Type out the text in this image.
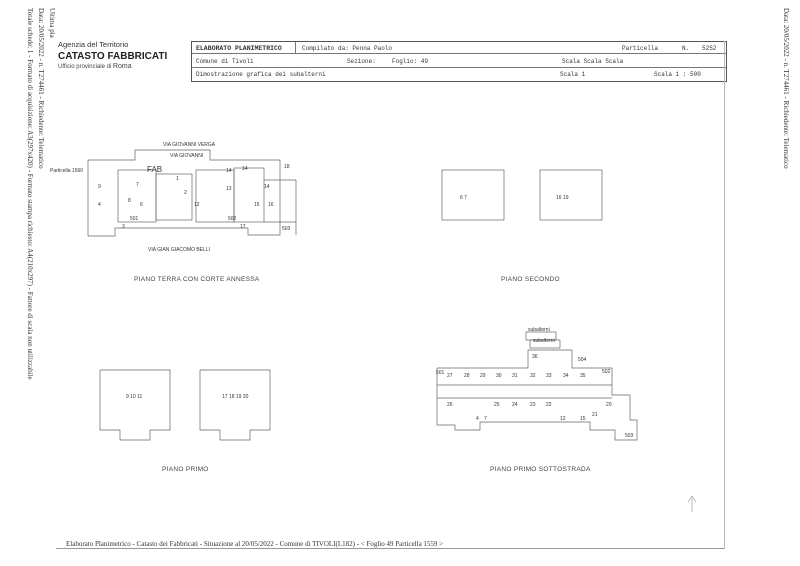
Ultima pla
Data: 20/05/2022 - n. T274461 - Richiedente: Telematico
Totale schede: 1 - Formato di acquisizione: A3(297x420) - Formato stampa richiesto: A4(210x297) - Fattore di scala non utilizzabile	Data: 20/05/2022 - n. T274461 - Richiedente: Telematico
Agenzia del Territorio
CATASTO FABBRICATI
Ufficio provinciale di Roma
ELABORATO PLANIMETRICO	Compilato da: Penna Paolo	Particella	N. 5252
Comune di Tivoli	Sezione:	Foglio: 49	Scala Scala Scala
Dimostrazione grafica dei subalterni	Scala 1	Scala 1 : 500
VIA GIOVANNI VERGA
VIA GIOVANNI
Particella 1560	FAB
VIA GIAN GIACOMO BELLI
9	7
8
4	6
3
1
2
12
13
14 14
14
15 16
17
18
501	502
503
PIANO TERRA CON CORTE ANNESSA
6 7	16 19
PIANO SECONDO
9 10 11	17 18 19 20
PIANO PRIMO
subalterni
subalterni
27 28 29 30 31 32 33 34 35
26	25 24 23 22
21
20
501	502
503
504
4 7	12	15
36
PIANO PRIMO SOTTOSTRADA
Elaborato Planimetrico - Catasto dei Fabbricati - Situazione al 20/05/2022 - Comune di TIVOLI(L182) - < Foglio 49 Particella 1559 >
